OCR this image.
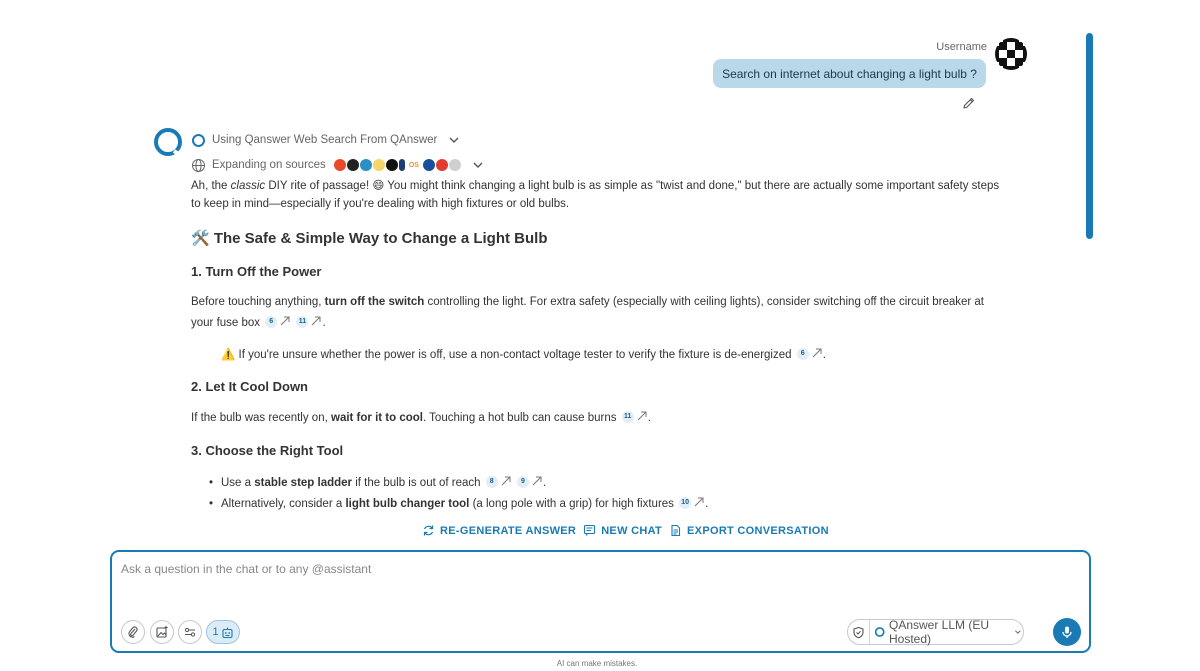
Username
Search on internet about changing a light bulb ?
Using Qanswer Web Search From QAnswer
Expanding on sources	OS

Ah, the classic DIY rite of passage! 😄 You might think changing a light bulb is as simple as "twist and done," but there are actually some important safety steps to keep in mind—especially if you're dealing with high fixtures or old bulbs.

🛠️ The Safe & Simple Way to Change a Light Bulb
1. Turn Off the Power

Before touching anything, turn off the switch controlling the light. For extra safety (especially with ceiling lights), consider switching off the circuit breaker at your fuse box 6	11 .

⚠️ If you're unsure whether the power is off, use a non-contact voltage tester to verify the fixture is de-energized 6 .

2. Let It Cool Down

If the bulb was recently on, wait for it to cool. Touching a hot bulb can cause burns 11 .

3. Choose the Right Tool
• Use a stable step ladder if the bulb is out of reach 8	9 .
• Alternatively, consider a light bulb changer tool (a long pole with a grip) for high fixtures 10 .
RE-GENERATE ANSWER NEW CHAT EXPORT CONVERSATION
Ask a question in the chat or to any @assistant
1	QAnswer LLM (EU Hosted)
AI can make mistakes.
